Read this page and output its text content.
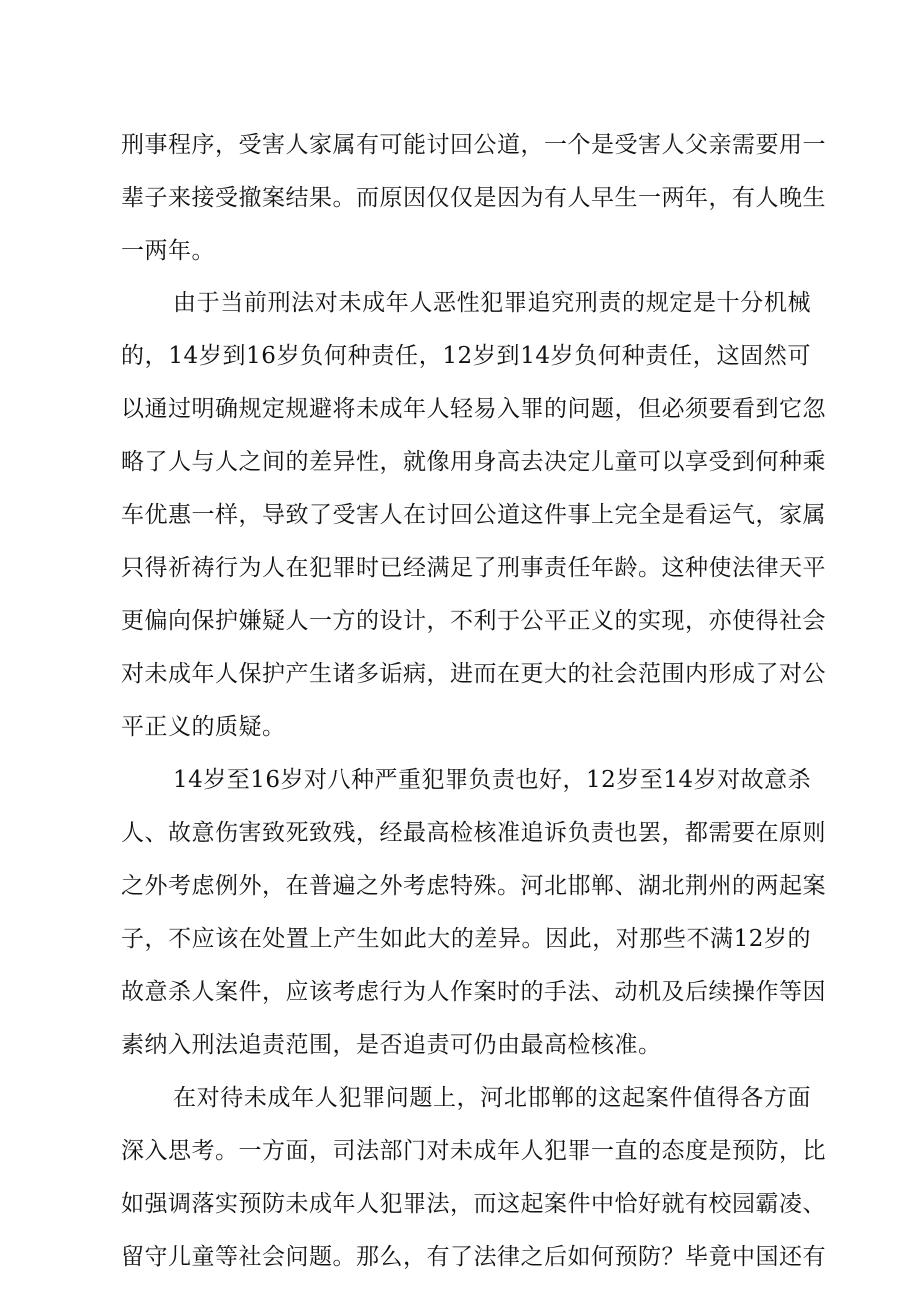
刑事程序，受害人家属有可能讨回公道，一个是受害人父亲需要用一
辈子来接受撤案结果。而原因仅仅是因为有人早生一两年，有人晚生
一两年。
由于当前刑法对未成年人恶性犯罪追究刑责的规定是十分机械
的，14岁到16岁负何种责任，12岁到14岁负何种责任，这固然可
以通过明确规定规避将未成年人轻易入罪的问题，但必须要看到它忽
略了人与人之间的差异性，就像用身高去决定儿童可以享受到何种乘
车优惠一样，导致了受害人在讨回公道这件事上完全是看运气，家属
只得祈祷行为人在犯罪时已经满足了刑事责任年龄。这种使法律天平
更偏向保护嫌疑人一方的设计，不利于公平正义的实现，亦使得社会
对未成年人保护产生诸多诟病，进而在更大的社会范围内形成了对公
平正义的质疑。
14岁至16岁对八种严重犯罪负责也好，12岁至14岁对故意杀
人、故意伤害致死致残，经最高检核准追诉负责也罢，都需要在原则
之外考虑例外，在普遍之外考虑特殊。河北邯郸、湖北荆州的两起案
子，不应该在处置上产生如此大的差异。因此，对那些不满12岁的
故意杀人案件，应该考虑行为人作案时的手法、动机及后续操作等因
素纳入刑法追责范围，是否追责可仍由最高检核准。
在对待未成年人犯罪问题上，河北邯郸的这起案件值得各方面
深入思考。一方面，司法部门对未成年人犯罪一直的态度是预防，比
如强调落实预防未成年人犯罪法，而这起案件中恰好就有校园霸凌、
留守儿童等社会问题。那么，有了法律之后如何预防？毕竟中国还有
